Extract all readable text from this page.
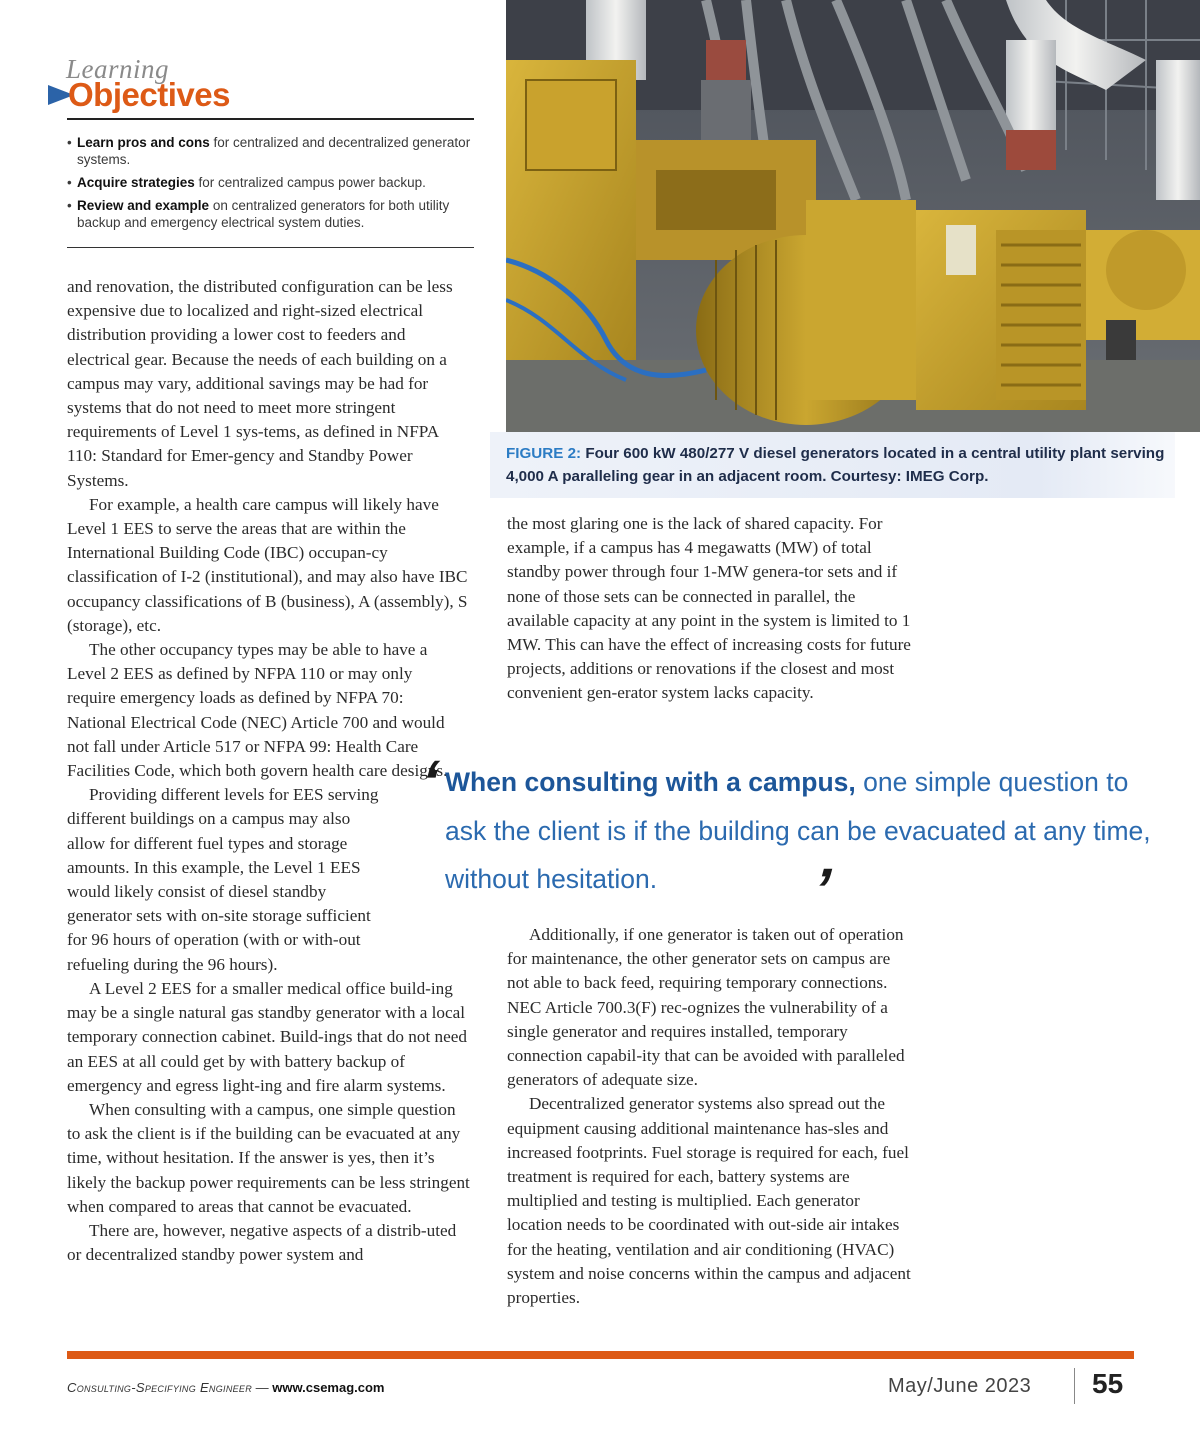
Learning
Objectives
• Learn pros and cons for centralized and decentralized generator systems.
• Acquire strategies for centralized campus power backup.
• Review and example on centralized generators for both utility backup and emergency electrical system duties.

and renovation, the distributed configuration can be less expensive due to localized and right-sized electrical distribution providing a lower cost to feeders and electrical gear. Because the needs of each building on a campus may vary, additional savings may be had for systems that do not need to meet more stringent requirements of Level 1 sys-tems, as defined in NFPA 110: Standard for Emer-gency and Standby Power Systems.

For example, a health care campus will likely have Level 1 EES to serve the areas that are within the International Building Code (IBC) occupan-cy classification of I-2 (institutional), and may also have IBC occupancy classifications of B (business), A (assembly), S (storage), etc.

The other occupancy types may be able to have a Level 2 EES as defined by NFPA 110 or may only require emergency loads as defined by NFPA 70: National Electrical Code (NEC) Article 700 and would not fall under Article 517 or NFPA 99: Health Care Facilities Code, which both govern health care designs.

Providing different levels for EES serving different buildings on a campus may also allow for different fuel types and storage amounts. In this example, the Level 1 EES would likely consist of diesel standby generator sets with on-site storage sufficient for 96 hours of operation (with or with-out refueling during the 96 hours).

A Level 2 EES for a smaller medical office build-ing may be a single natural gas standby generator with a local temporary connection cabinet. Build-ings that do not need an EES at all could get by with battery backup of emergency and egress light-ing and fire alarm systems.

When consulting with a campus, one simple question to ask the client is if the building can be evacuated at any time, without hesitation. If the answer is yes, then it’s likely the backup power requirements can be less stringent when compared to areas that cannot be evacuated.

There are, however, negative aspects of a distrib-uted or decentralized standby power system and

FIGURE 2: Four 600 kW 480/277 V diesel generators located in a central utility plant serving 4,000 A paralleling gear in an adjacent room. Courtesy: IMEG Corp.

the most glaring one is the lack of shared capacity. For example, if a campus has 4 megawatts (MW) of total standby power through four 1-MW genera-tor sets and if none of those sets can be connected in parallel, the available capacity at any point in the system is limited to 1 MW. This can have the effect of increasing costs for future projects, additions or renovations if the closest and most convenient gen-erator system lacks capacity.

‘
When consulting with a campus, one simple question to ask the client is if the building can be evacuated at any time, without hesitation.	’

Additionally, if one generator is taken out of operation for maintenance, the other generator sets on campus are not able to back feed, requiring temporary connections. NEC Article 700.3(F) rec-ognizes the vulnerability of a single generator and requires installed, temporary connection capabil-ity that can be avoided with paralleled generators of adequate size.

Decentralized generator systems also spread out the equipment causing additional maintenance has-sles and increased footprints. Fuel storage is required for each, fuel treatment is required for each, battery systems are multiplied and testing is multiplied. Each generator location needs to be coordinated with out-side air intakes for the heating, ventilation and air conditioning (HVAC) system and noise concerns within the campus and adjacent properties.

Consulting-Specifying Engineer — www.csemag.com	May/June 2023 55
